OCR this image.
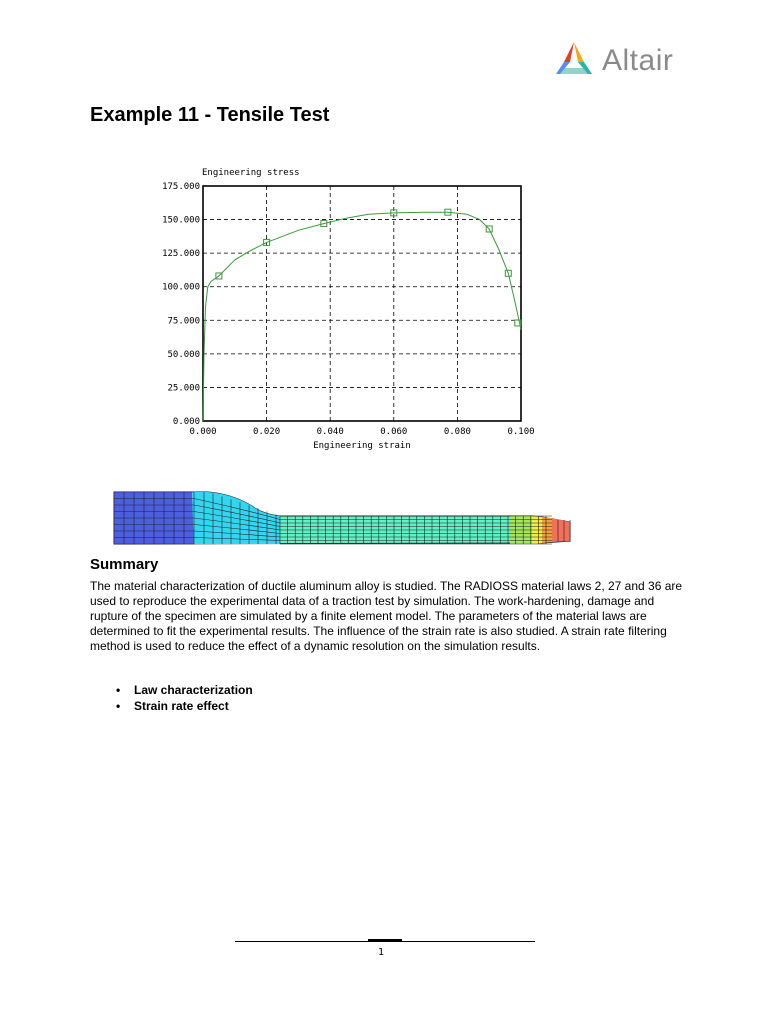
Altair
Example 11 - Tensile Test
0.000	0.020	0.040	0.060	0.080	0.100
0.000
25.000
50.000
75.000
100.000
125.000
150.000
175.000
Engineering stress
Engineering strain
Summary
The material characterization of ductile aluminum alloy is studied. The RADIOSS material laws 2, 27 and 36 are used to reproduce the experimental data of a traction test by simulation. The work-hardening, damage and rupture of the specimen are simulated by a finite element model. The parameters of the material laws are determined to fit the experimental results. The influence of the strain rate is also studied. A strain rate filtering method is used to reduce the effect of a dynamic resolution on the simulation results.
• Law characterization
• Strain rate effect
1
